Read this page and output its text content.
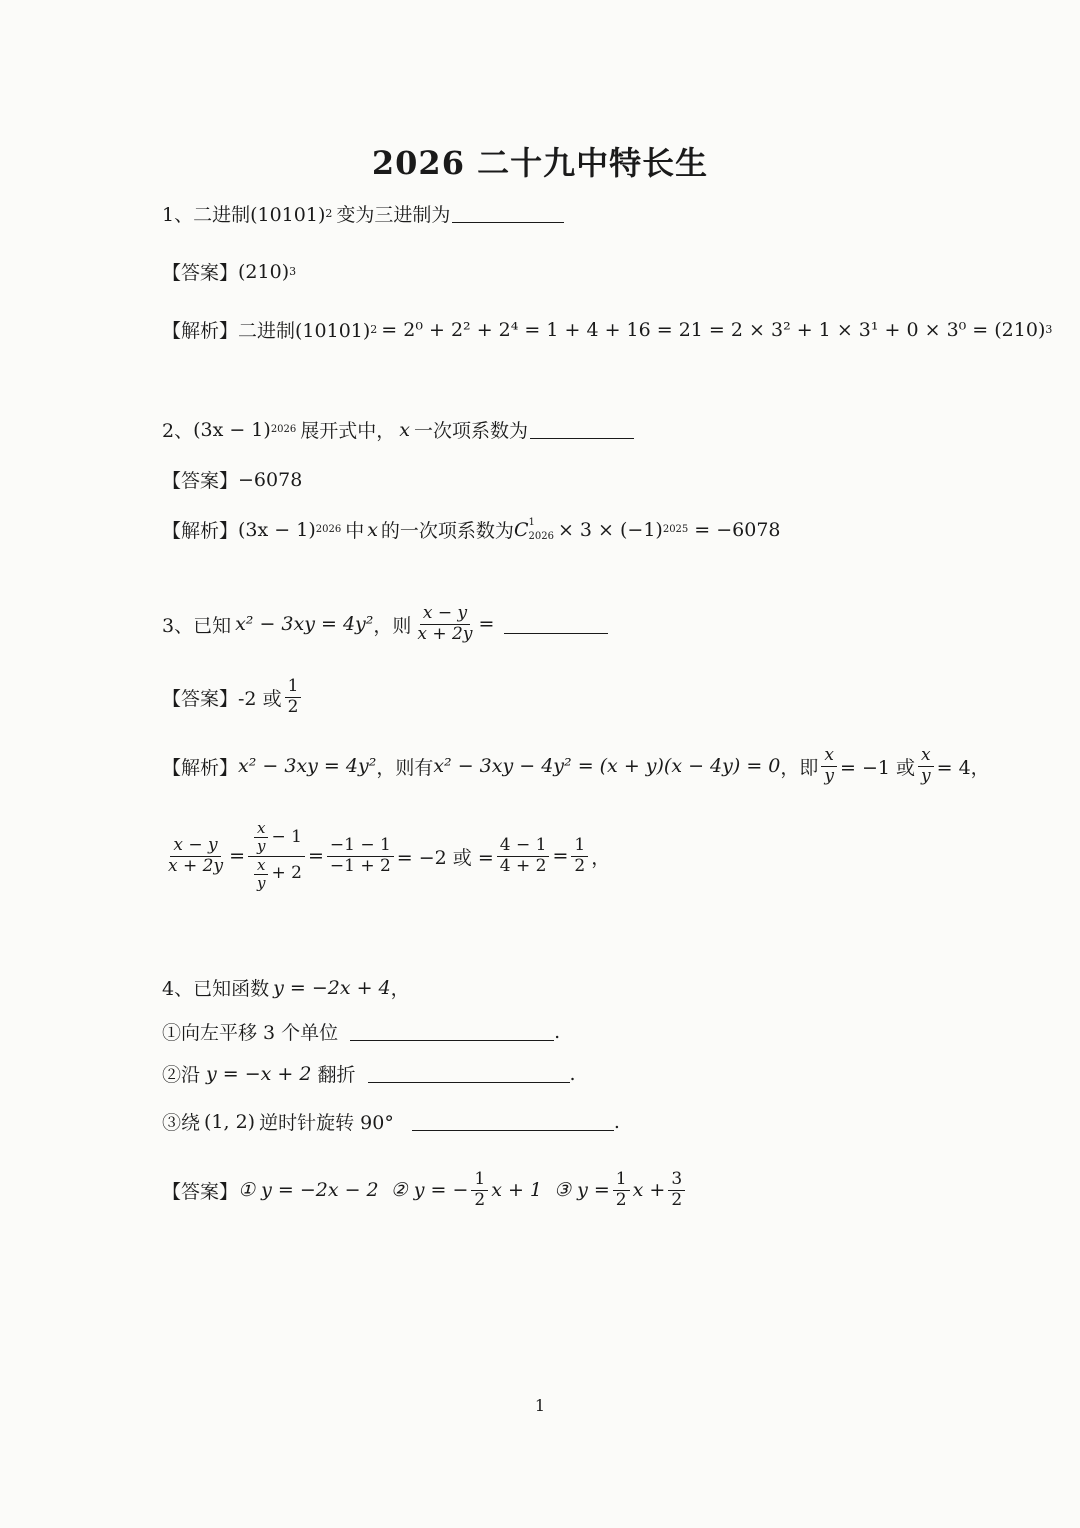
2026 二十九中特长生
1、二进制(10101) 2 变为三进制为
【答案】 (210) 3
【解析】 二进制(10101) 2 = 2⁰ + 2² + 2⁴ = 1 + 4 + 16 = 21 = 2 × 3² + 1 × 3¹ + 0 × 3⁰ = (210) 3
2、 (3x − 1) 2026 展开式中， x 一次项系数为
【答案】 −6078
【解析】 (3x − 1) 2026 中 x 的一次项系数为 C 1
2026 × 3 × (−1) 2025 = −6078
3、已知 x² − 3xy = 4y² ，则 $\frac{x - y}{x + 2y}$ =
【答案】 -2 或 $\frac{1}{2}$
【解析】 x² − 3xy = 4y² ，则有 x² − 3xy − 4y² = (x + y)(x − 4y) = 0 ，即 $\frac{x}{y} = -1$ 或 $\frac{x}{y} = 4$，
$\frac{x - y}{x + 2y} = \frac{\frac{x}{y} - 1}{\frac{x}{y} + 2} = \frac{-1 - 1}{-1 + 2} = -2$ 或 = $\frac{4 - 1}{4 + 2} = \frac{1}{2}$ ，
4、已知函数 y = −2x + 4 ，
①向左平移 3 个单位	.
②沿 y = −x + 2 翻折	.
③绕 (1, 2) 逆时针旋转 90°	.
【答案】 ① y = −2x − 2 ② y = − $\frac{1}{2}$ x + 1 ③ $y = \frac{1}{2}$ $x + \frac{3}{2}$
1
